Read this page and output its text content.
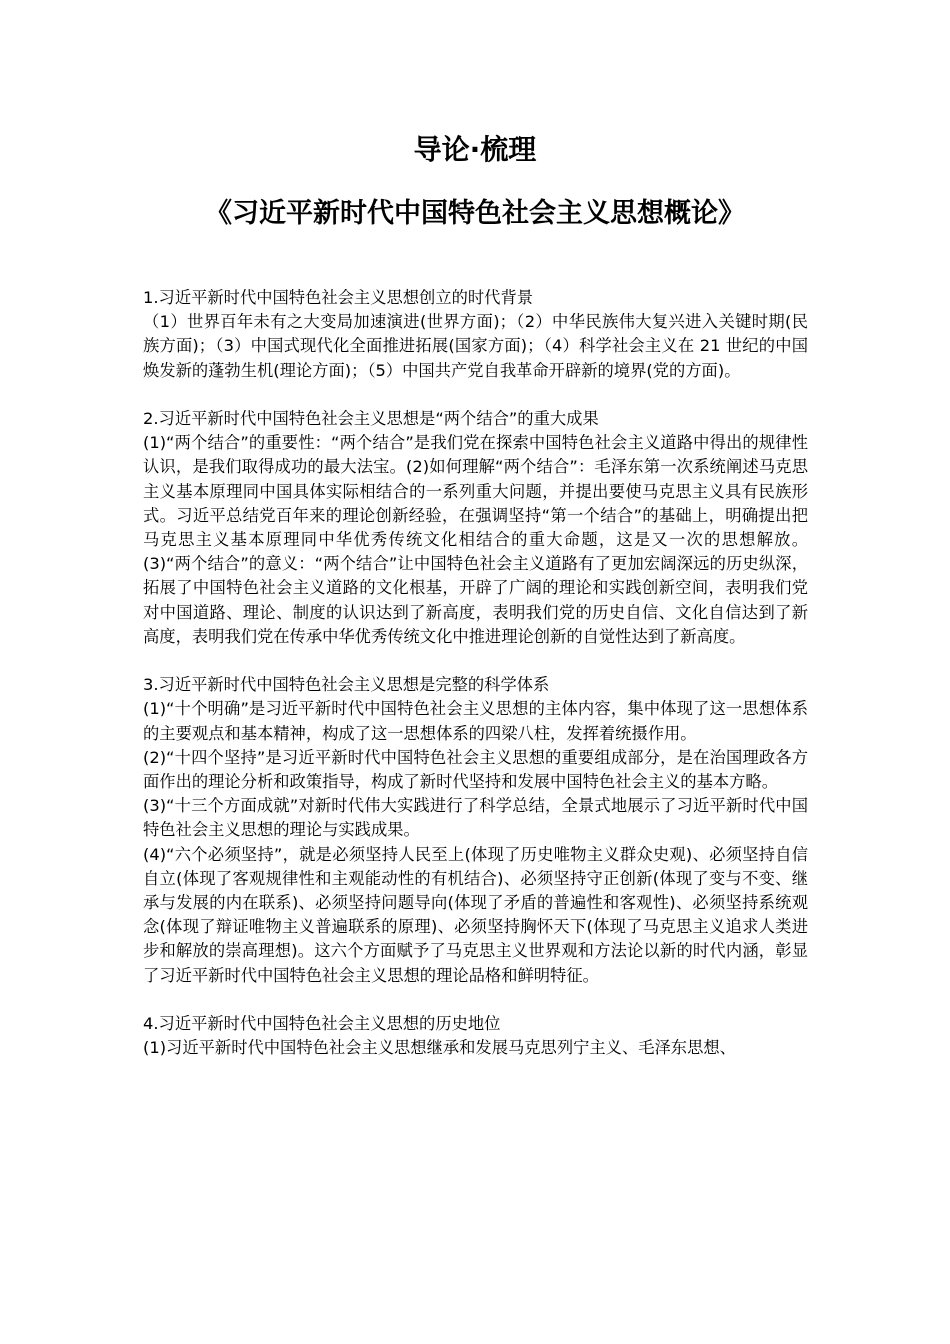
导论·梳理
《习近平新时代中国特色社会主义思想概论》

1.习近平新时代中国特色社会主义思想创立的时代背景

（1）世界百年未有之大变局加速演进(世界方面)；（2）中华民族伟大复兴进入关键时期(民族方面)；（3）中国式现代化全面推进拓展(国家方面)；（4）科学社会主义在 21 世纪的中国焕发新的蓬勃生机(理论方面)；（5）中国共产党自我革命开辟新的境界(党的方面)。

2.习近平新时代中国特色社会主义思想是“两个结合”的重大成果

(1)“两个结合”的重要性：“两个结合”是我们党在探索中国特色社会主义道路中得出的规律性认识，是我们取得成功的最大法宝。(2)如何理解“两个结合”：毛泽东第一次系统阐述马克思主义基本原理同中国具体实际相结合的一系列重大问题，并提出要使马克思主义具有民族形式。习近平总结党百年来的理论创新经验，在强调坚持“第一个结合”的基础上，明确提出把马克思主义基本原理同中华优秀传统文化相结合的重大命题，这是又一次的思想解放。(3)“两个结合”的意义：“两个结合”让中国特色社会主义道路有了更加宏阔深远的历史纵深，拓展了中国特色社会主义道路的文化根基，开辟了广阔的理论和实践创新空间，表明我们党对中国道路、理论、制度的认识达到了新高度，表明我们党的历史自信、文化自信达到了新高度，表明我们党在传承中华优秀传统文化中推进理论创新的自觉性达到了新高度。

3.习近平新时代中国特色社会主义思想是完整的科学体系

(1)“十个明确”是习近平新时代中国特色社会主义思想的主体内容，集中体现了这一思想体系的主要观点和基本精神，构成了这一思想体系的四梁八柱，发挥着统摄作用。

(2)“十四个坚持”是习近平新时代中国特色社会主义思想的重要组成部分，是在治国理政各方面作出的理论分析和政策指导，构成了新时代坚持和发展中国特色社会主义的基本方略。

(3)“十三个方面成就”对新时代伟大实践进行了科学总结，全景式地展示了习近平新时代中国特色社会主义思想的理论与实践成果。

(4)“六个必须坚持”，就是必须坚持人民至上(体现了历史唯物主义群众史观)、必须坚持自信自立(体现了客观规律性和主观能动性的有机结合)、必须坚持守正创新(体现了变与不变、继承与发展的内在联系)、必须坚持问题导向(体现了矛盾的普遍性和客观性)、必须坚持系统观念(体现了辩证唯物主义普遍联系的原理)、必须坚持胸怀天下(体现了马克思主义追求人类进步和解放的崇高理想)。这六个方面赋予了马克思主义世界观和方法论以新的时代内涵，彰显了习近平新时代中国特色社会主义思想的理论品格和鲜明特征。

4.习近平新时代中国特色社会主义思想的历史地位

(1)习近平新时代中国特色社会主义思想继承和发展马克思列宁主义、毛泽东思想、
